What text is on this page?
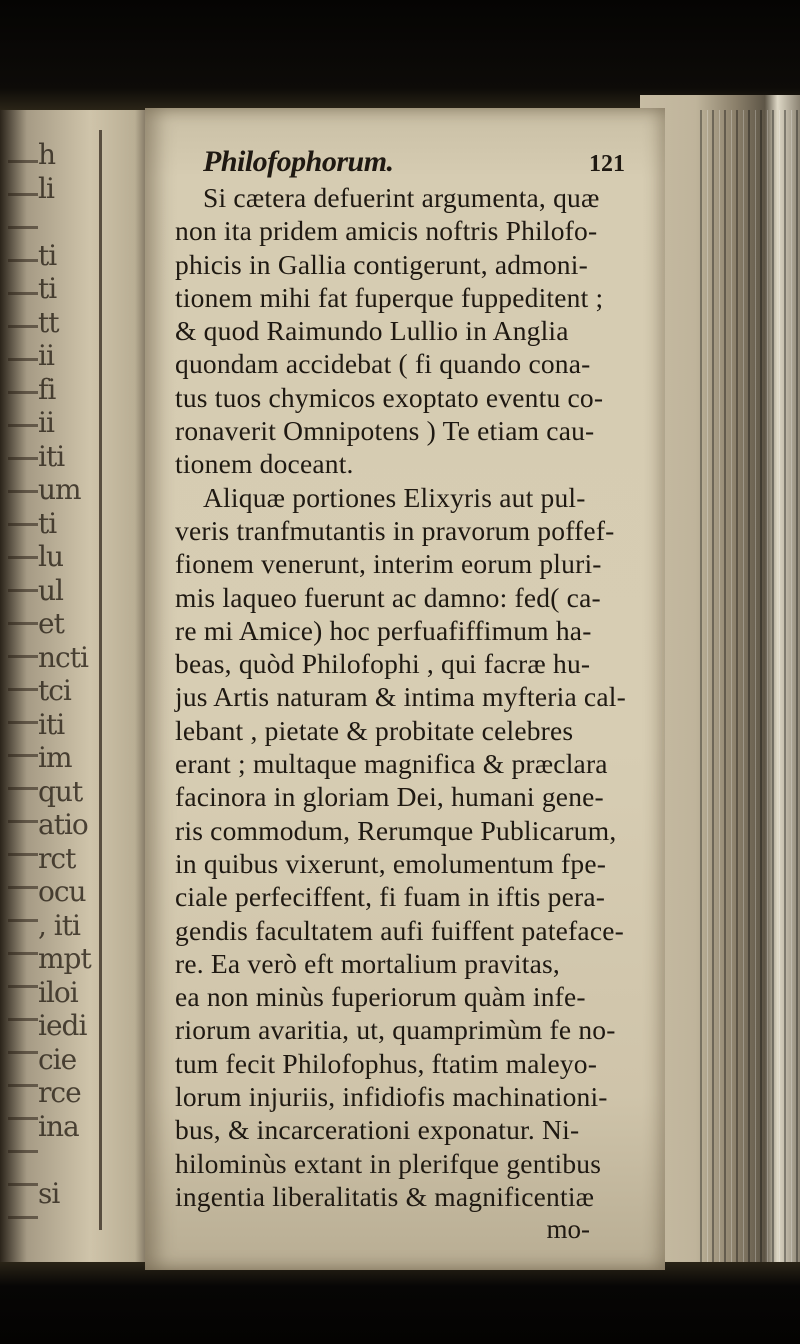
h
li
ti
ti
tt
ii
fi
ii
iti
um
ti
lu
ul
et
ncti
tci
iti
im
qut
atio
rct
ocu
, iti
mpt
iloi
iedi
cie
rce
ina
si
Philofophorum.	121
Si cætera defuerint argumenta, quæ
non ita pridem amicis noftris Philofo-
phicis in Gallia contigerunt, admoni-
tionem mihi fat fuperque fuppeditent ;
& quod Raimundo Lullio in Anglia
quondam accidebat ( fi quando cona-
tus tuos chymicos exoptato eventu co-
ronaverit Omnipotens ) Te etiam cau-
tionem doceant.
Aliquæ portiones Elixyris aut pul-
veris tranfmutantis in pravorum poffef-
fionem venerunt, interim eorum pluri-
mis laqueo fuerunt ac damno: fed( ca-
re mi Amice) hoc perfuafiffimum ha-
beas, quòd Philofophi , qui facræ hu-
jus Artis naturam & intima myfteria cal-
lebant , pietate & probitate celebres
erant ; multaque magnifica & præclara
facinora in gloriam Dei, humani gene-
ris commodum, Rerumque Publicarum,
in quibus vixerunt, emolumentum fpe-
ciale perfeciffent, fi fuam in iftis pera-
gendis facultatem aufi fuiffent patefacе-
re. Ea verò eft mortalium pravitas,
ea non minùs fuperiorum quàm infe-
riorum avaritia, ut, quamprimùm fe no-
tum fecit Philofophus, ftatim maleyo-
lorum injuriis, infidiofis machinationi-
bus, & incarcerationi exponatur. Ni-
hilominùs extant in plerifque gentibus
ingentia liberalitatis & magnificentiæ
mo-
